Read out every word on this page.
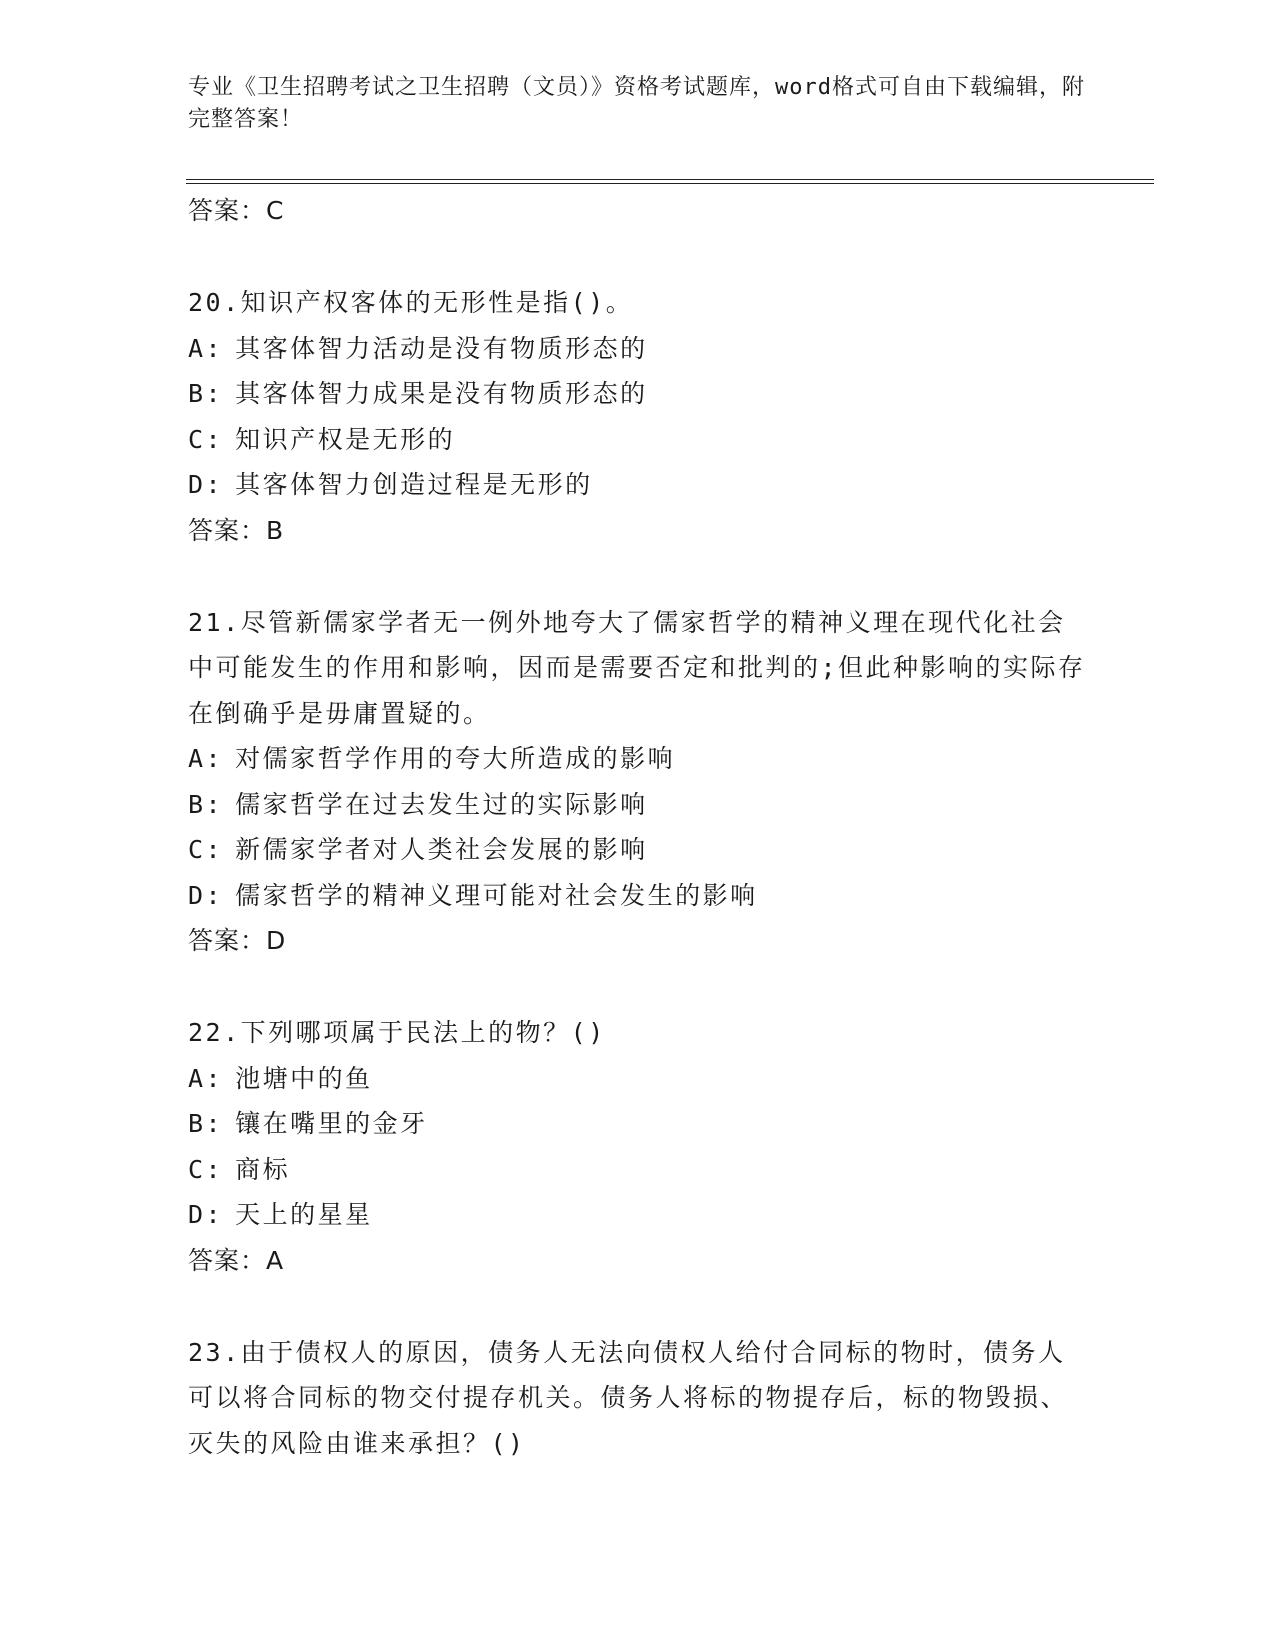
专业《卫生招聘考试之卫生招聘（文员）》资格考试题库，word格式可自由下载编辑，附完整答案！
答案：C
20.知识产权客体的无形性是指()。
A: 其客体智力活动是没有物质形态的
B: 其客体智力成果是没有物质形态的
C: 知识产权是无形的
D: 其客体智力创造过程是无形的
答案：B
21.尽管新儒家学者无一例外地夸大了儒家哲学的精神义理在现代化社会中可能发生的作用和影响，因而是需要否定和批判的;但此种影响的实际存在倒确乎是毋庸置疑的。
A: 对儒家哲学作用的夸大所造成的影响
B: 儒家哲学在过去发生过的实际影响
C: 新儒家学者对人类社会发展的影响
D: 儒家哲学的精神义理可能对社会发生的影响
答案：D
22.下列哪项属于民法上的物？()
A: 池塘中的鱼
B: 镶在嘴里的金牙
C: 商标
D: 天上的星星
答案：A
23.由于债权人的原因，债务人无法向债权人给付合同标的物时，债务人可以将合同标的物交付提存机关。债务人将标的物提存后，标的物毁损、灭失的风险由谁来承担？()
